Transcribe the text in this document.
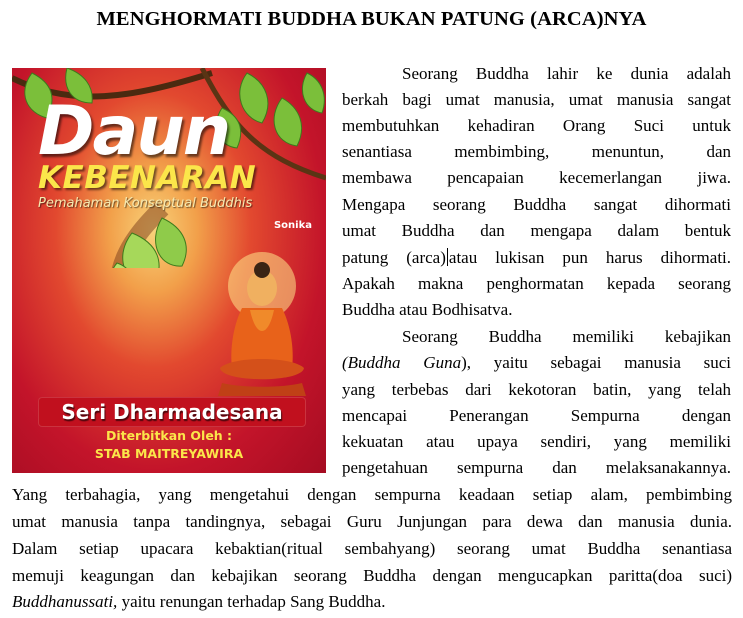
MENGHORMATI BUDDHA BUKAN PATUNG (ARCA)NYA
Daun
KEBENARAN
Pemahaman Konseptual Buddhis
Sonika
Seri Dharmadesana
Diterbitkan Oleh :
STAB MAITREYAWIRA
Seorang Buddha lahir ke dunia adalah
berkah bagi umat manusia, umat manusia sangat
membutuhkan kehadiran Orang Suci untuk
senantiasa membimbing, menuntun, dan
membawa pencapaian kecemerlangan jiwa.
Mengapa seorang Buddha sangat dihormati
umat Buddha dan mengapa dalam bentuk
patung (arca) atau lukisan pun harus dihormati.
Apakah makna penghormatan kepada seorang
Buddha atau Bodhisatva.
Seorang Buddha memiliki kebajikan
(Buddha Guna), yaitu sebagai manusia suci
yang terbebas dari kekotoran batin, yang telah
mencapai Penerangan Sempurna dengan
kekuatan atau upaya sendiri, yang memiliki
pengetahuan sempurna dan melaksanakannya.
Yang terbahagia, yang mengetahui dengan sempurna keadaan setiap alam, pembimbing
umat manusia tanpa tandingnya, sebagai Guru Junjungan para dewa dan manusia dunia.
Dalam setiap upacara kebaktian(ritual sembahyang) seorang umat Buddha senantiasa
memuji keagungan dan kebajikan seorang Buddha dengan mengucapkan paritta(doa suci)
Buddhanussati, yaitu renungan terhadap Sang Buddha.
